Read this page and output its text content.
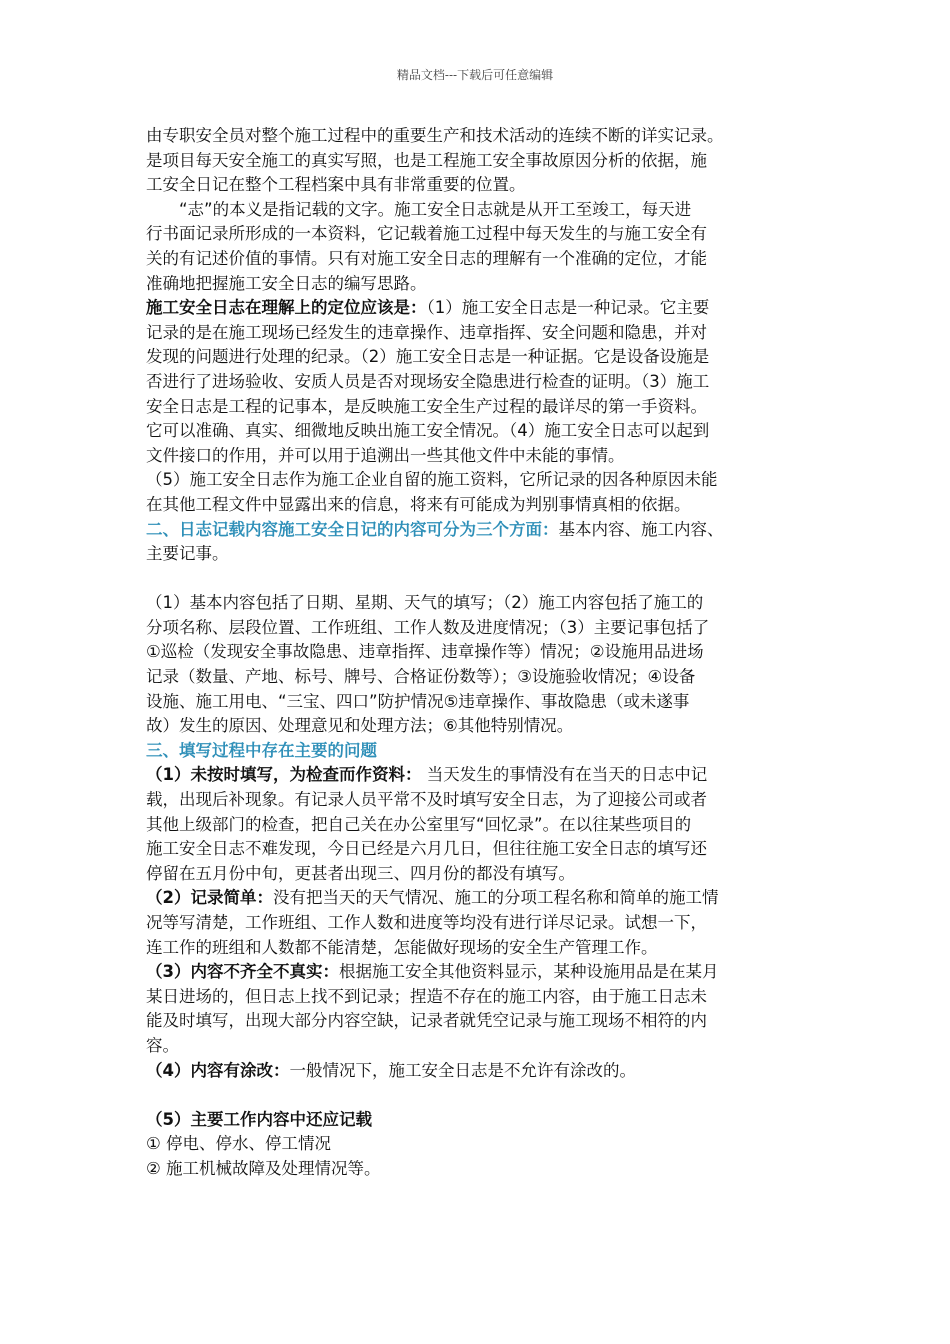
精品文档---下载后可任意编辑
由专职安全员对整个施工过程中的重要生产和技术活动的连续不断的详实记录。
是项目每天安全施工的真实写照，也是工程施工安全事故原因分析的依据，施
工安全日记在整个工程档案中具有非常重要的位置。
　　“志”的本义是指记载的文字。施工安全日志就是从开工至竣工，每天进
行书面记录所形成的一本资料，它记载着施工过程中每天发生的与施工安全有
关的有记述价值的事情。只有对施工安全日志的理解有一个准确的定位，才能
准确地把握施工安全日志的编写思路。
施工安全日志在理解上的定位应该是：（1）施工安全日志是一种记录。它主要
记录的是在施工现场已经发生的违章操作、违章指挥、安全问题和隐患，并对
发现的问题进行处理的纪录。（2）施工安全日志是一种证据。它是设备设施是
否进行了进场验收、安质人员是否对现场安全隐患进行检查的证明。（3）施工
安全日志是工程的记事本，是反映施工安全生产过程的最详尽的第一手资料。
它可以准确、真实、细微地反映出施工安全情况。（4）施工安全日志可以起到
文件接口的作用，并可以用于追溯出一些其他文件中未能的事情。
（5）施工安全日志作为施工企业自留的施工资料，它所记录的因各种原因未能
在其他工程文件中显露出来的信息，将来有可能成为判别事情真相的依据。
二、日志记载内容施工安全日记的内容可分为三个方面：基本内容、施工内容、
主要记事。
（1）基本内容包括了日期、星期、天气的填写；（2）施工内容包括了施工的
分项名称、层段位置、工作班组、工作人数及进度情况；（3）主要记事包括了
①巡检（发现安全事故隐患、违章指挥、违章操作等）情况；②设施用品进场
记录（数量、产地、标号、牌号、合格证份数等）；③设施验收情况；④设备
设施、施工用电、“三宝、四口”防护情况⑤违章操作、事故隐患（或未遂事
故）发生的原因、处理意见和处理方法；⑥其他特别情况。
三、填写过程中存在主要的问题
（1）未按时填写，为检查而作资料： 当天发生的事情没有在当天的日志中记
载，出现后补现象。有记录人员平常不及时填写安全日志，为了迎接公司或者
其他上级部门的检查，把自己关在办公室里写“回忆录”。在以往某些项目的
施工安全日志不难发现，今日已经是六月几日，但往往施工安全日志的填写还
停留在五月份中旬，更甚者出现三、四月份的都没有填写。
（2）记录简单：没有把当天的天气情况、施工的分项工程名称和简单的施工情
况等写清楚，工作班组、工作人数和进度等均没有进行详尽记录。试想一下，
连工作的班组和人数都不能清楚，怎能做好现场的安全生产管理工作。
（3）内容不齐全不真实：根据施工安全其他资料显示，某种设施用品是在某月
某日进场的，但日志上找不到记录；捏造不存在的施工内容，由于施工日志未
能及时填写，出现大部分内容空缺，记录者就凭空记录与施工现场不相符的内
容。
（4）内容有涂改：一般情况下，施工安全日志是不允许有涂改的。
（5）主要工作内容中还应记载
① 停电、停水、停工情况
② 施工机械故障及处理情况等。
